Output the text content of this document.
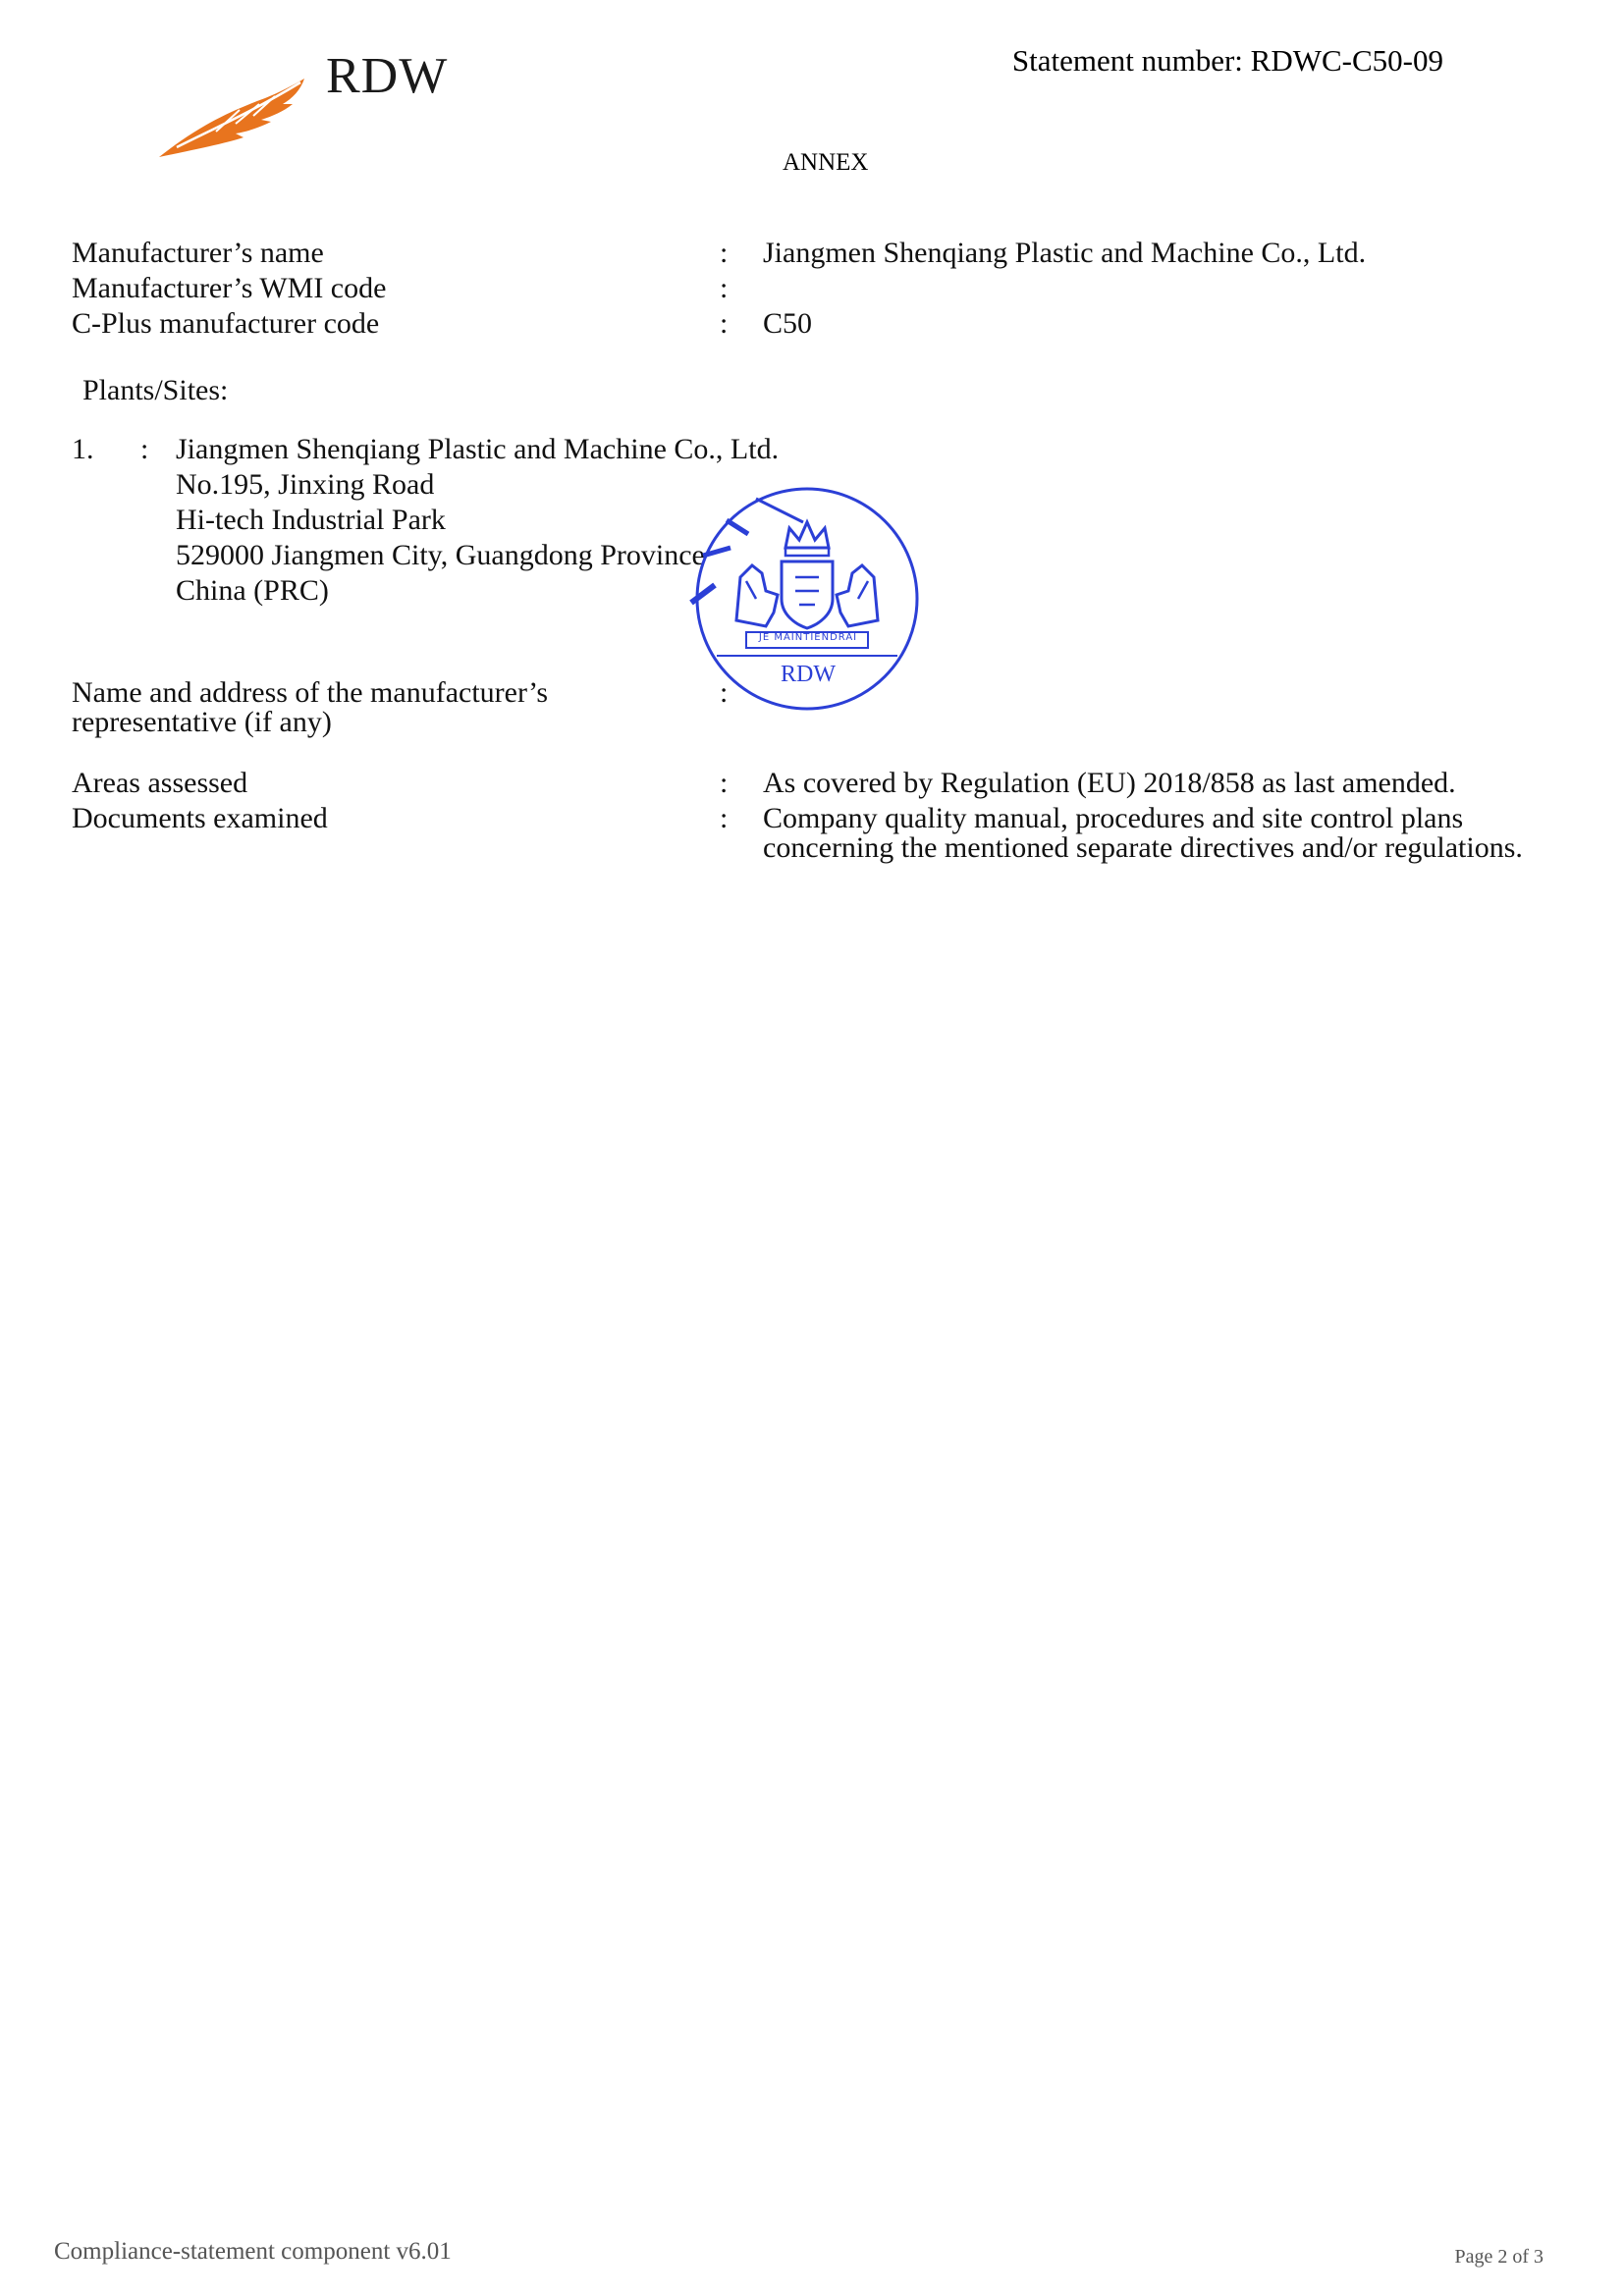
RDW	Statement number: RDWC-C50-09
ANNEX
Manufacturer’s name	: Jiangmen Shenqiang Plastic and Machine Co., Ltd.
Manufacturer’s WMI code	:
C-Plus manufacturer code	: C50
Plants/Sites:
1. : Jiangmen Shenqiang Plastic and Machine Co., Ltd.
No.195, Jinxing Road
Hi-tech Industrial Park
529000 Jiangmen City, Guangdong Province
China (PRC)
Name and address of the manufacturer’s
representative (if any)
:
JE MAINTIENDRAI
RDW
Areas assessed	: As covered by Regulation (EU) 2018/858 as last amended.
Documents examined	: Company quality manual, procedures and site control plans
concerning the mentioned separate directives and/or regulations.
Compliance-statement component v6.01	Page 2 of 3
